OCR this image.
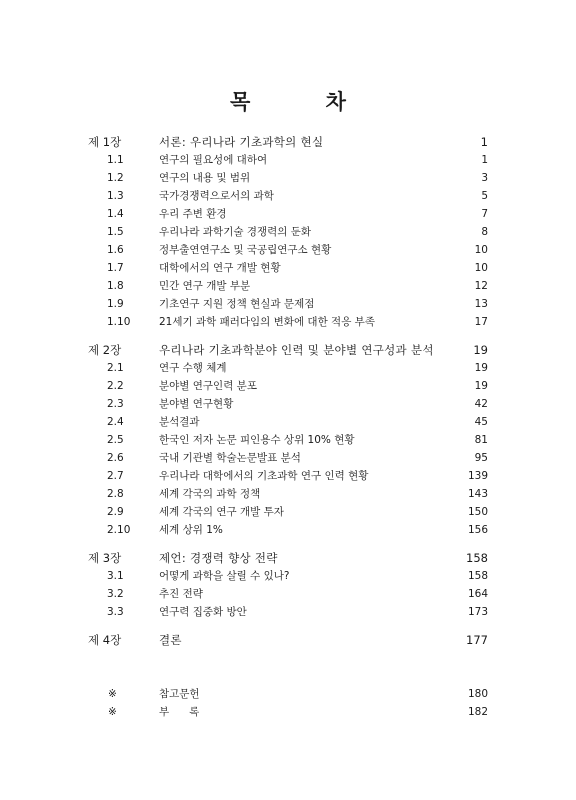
목 차
제 1장	서론: 우리나라 기초과학의 현실	1
1.1	연구의 필요성에 대하여	1
1.2	연구의 내용 및 범위	3
1.3	국가경쟁력으로서의 과학	5
1.4	우리 주변 환경	7
1.5	우리나라 과학기술 경쟁력의 둔화	8
1.6	정부출연연구소 및 국공립연구소 현황	10
1.7	대학에서의 연구 개발 현황	10
1.8	민간 연구 개발 부분	12
1.9	기초연구 지원 정책 현실과 문제점	13
1.10	21세기 과학 패러다임의 변화에 대한 적응 부족	17
제 2장	우리나라 기초과학분야 인력 및 분야별 연구성과 분석	19
2.1	연구 수행 체계	19
2.2	분야별 연구인력 분포	19
2.3	분야별 연구현황	42
2.4	분석결과	45
2.5	한국인 저자 논문 피인용수 상위 10% 현황	81
2.6	국내 기관별 학술논문발표 분석	95
2.7	우리나라 대학에서의 기초과학 연구 인력 현황	139
2.8	세계 각국의 과학 정책	143
2.9	세계 각국의 연구 개발 투자	150
2.10	세계 상위 1%	156
제 3장	제언: 경쟁력 향상 전략	158
3.1	어떻게 과학을 살릴 수 있나?	158
3.2	추진 전략	164
3.3	연구력 집중화 방안	173
제 4장	결론	177
※	참고문헌	180
※	부      록	182
